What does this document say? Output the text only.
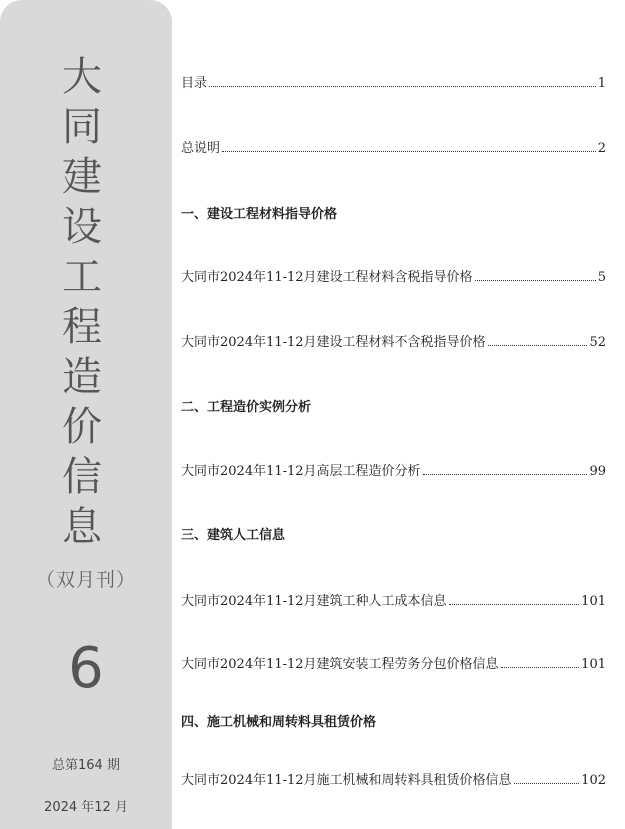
大
同
建
设
工
程
造
价
信
息
（双月刊）
6
总第164 期
2024 年12 月
目录	1
总说明	2
一、建设工程材料指导价格
大同市2024年11-12月建设工程材料含税指导价格	5
大同市2024年11-12月建设工程材料不含税指导价格	52
二、工程造价实例分析
大同市2024年11-12月高层工程造价分析	99
三、建筑人工信息
大同市2024年11-12月建筑工种人工成本信息	101
大同市2024年11-12月建筑安装工程劳务分包价格信息	101
四、施工机械和周转料具租赁价格
大同市2024年11-12月施工机械和周转料具租赁价格信息	102
